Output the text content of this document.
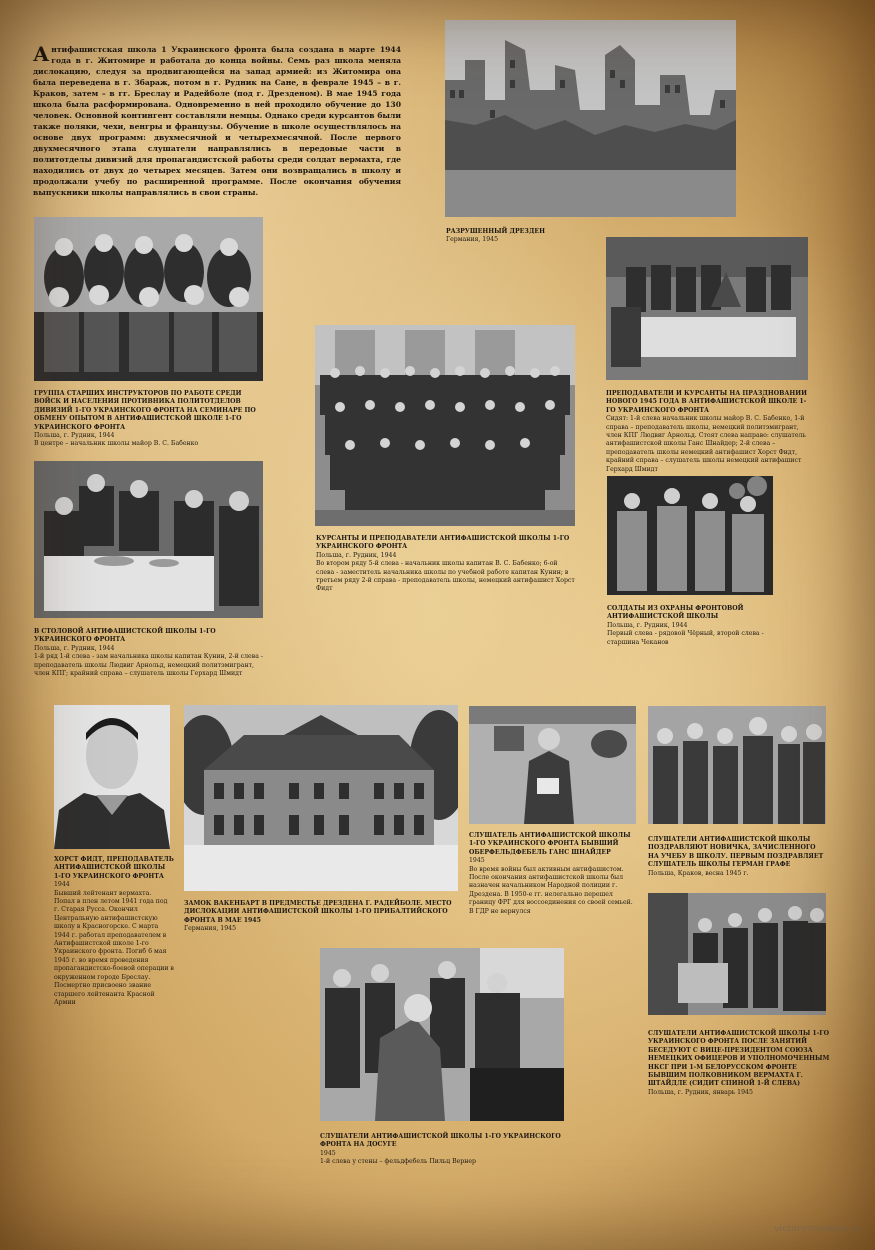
А нтифашистская школа 1 Украинского фронта была создана в марте 1944 года в г. Житомире и работала до конца войны. Семь раз школа меняла дислокацию, следуя за продвигающейся на запад армией: из Житомира она была переведена в г. Збараж, потом в г. Рудник на Сане, в феврале 1945 – в г. Краков, затем – в гг. Бреслау и Радейболе (под г. Дрезденом). В мае 1945 года школа была расформирована. Одновременно в ней проходило обучение до 130 человек. Основной контингент составляли немцы. Однако среди курсантов были также поляки, чехи, венгры и французы. Обучение в школе осуществлялось на основе двух программ: двухмесячной и четырехмесячной. После первого двухмесячного этапа слушатели направлялись в передовые части в политотделы дивизий для пропагандистской работы среди солдат вермахта, где находились от двух до четырех месяцев. Затем они возвращались в школу и продолжали учебу по расширенной программе. После окончания обучения выпускники школы направлялись в свои страны.
РАЗРУШЕННЫЙ ДРЕЗДЕН
Германия, 1945
ГРУППА СТАРШИХ ИНСТРУКТОРОВ ПО РАБОТЕ СРЕДИ ВОЙСК И НАСЕЛЕНИЯ ПРОТИВНИКА ПОЛИТОТДЕЛОВ ДИВИЗИЙ 1-ГО УКРАИНСКОГО ФРОНТА НА СЕМИНАРЕ ПО ОБМЕНУ ОПЫТОМ В АНТИФАШИСТСКОЙ ШКОЛЕ 1-ГО УКРАИНСКОГО ФРОНТА
Польша, г. Рудник, 1944
В центре – начальник школы майор В. С. Бабенко
КУРСАНТЫ И ПРЕПОДАВАТЕЛИ АНТИФАШИСТСКОЙ ШКОЛЫ 1-ГО УКРАИНСКОГО ФРОНТА
Польша, г. Рудник, 1944
Во втором ряду 5-й слева - начальник школы капитан В. С. Бабенко; 6-ой слева - заместитель начальника школы по учебной работе капитан Кунин; в третьем ряду 2-й справа - преподаватель школы, немецкий антифашист Хорст Фидт
ПРЕПОДАВАТЕЛИ И КУРСАНТЫ НА ПРАЗДНОВАНИИ НОВОГО 1945 ГОДА В АНТИФАШИСТСКОЙ ШКОЛЕ 1-ГО УКРАИНСКОГО ФРОНТА
Сидят: 1-й слева начальник школы майор В. С. Бабенко, 1-й справа – преподаватель школы, немецкий политэмигрант, член КПГ Людвиг Арнольд. Стоят слева направо: слушатель антифашистской школы Ганс Шнайдер; 2-й слева – преподаватель школы немецкий антифашист Хорст Фидт, крайний справа – слушатель школы немецкий антифашист Герхард Шмидт
В СТОЛОВОЙ АНТИФАШИСТСКОЙ ШКОЛЫ 1-ГО УКРАИНСКОГО ФРОНТА
Польша, г. Рудник, 1944
1-й ряд 1-й слева - зам начальника школы капитан Кунин, 2-й слева - преподаватель школы Людвиг Арнольд, немецкий политэмигрант, член КПГ; крайний справа – слушатель школы Герхард Шмидт
СОЛДАТЫ ИЗ ОХРАНЫ ФРОНТОВОЙ АНТИФАШИСТСКОЙ ШКОЛЫ
Польша, г. Рудник, 1944
Первый слева - рядовой Чёрный, второй слева - старшина Чеканов
ХОРСТ ФИДТ, ПРЕПОДАВАТЕЛЬ АНТИФАШИСТСКОЙ ШКОЛЫ 1-ГО УКРАИНСКОГО ФРОНТА
1944
Бывший лейтенант вермахта. Попал в плен летом 1941 года под г. Старая Русса. Окончил Центральную антифашистскую школу в Красногорске. С марта 1944 г. работал преподавателем в Антифашистской школе 1-го Украинского фронта. Погиб 6 мая 1945 г. во время проведения пропагандистско-боевой операции в окруженном городе Бреслау. Посмертно присвоено звание старшего лейтенанта Красной Армии
ЗАМОК ВАКЕНБАРТ В ПРЕДМЕСТЬЕ ДРЕЗДЕНА Г. РАДЕЙБОЛЕ. МЕСТО ДИСЛОКАЦИИ АНТИФАШИСТСКОЙ ШКОЛЫ 1-ГО ПРИБАЛТИЙСКОГО ФРОНТА В МАЕ 1945
Германия, 1945
СЛУШАТЕЛЬ АНТИФАШИСТСКОЙ ШКОЛЫ 1-ГО УКРАИНСКОГО ФРОНТА БЫВШИЙ ОБЕРФЕЛЬДФЕБЕЛЬ ГАНС ШНАЙДЕР
1945
Во время войны был активным антифашистом. После окончания антифашистской школы был назначен начальником Народной полиции г. Дрездена. В 1950-е гг. нелегально перешел границу ФРГ для воссоединения со своей семьей. В ГДР не вернулся
СЛУШАТЕЛИ АНТИФАШИСТСКОЙ ШКОЛЫ ПОЗДРАВЛЯЮТ НОВИЧКА, ЗАЧИСЛЕННОГО НА УЧЕБУ В ШКОЛУ. ПЕРВЫМ ПОЗДРАВЛЯЕТ СЛУШАТЕЛЬ ШКОЛЫ ГЕРМАН ГРАФЕ
Польша, Краков, весна 1945 г.
СЛУШАТЕЛИ АНТИФАШИСТСКОЙ ШКОЛЫ 1-ГО УКРАИНСКОГО ФРОНТА ПОСЛЕ ЗАНЯТИЙ БЕСЕДУЮТ С ВИЦЕ-ПРЕЗИДЕНТОМ СОЮЗА НЕМЕЦКИХ ОФИЦЕРОВ И УПОЛНОМОЧЕННЫМ НКСГ ПРИ 1-М БЕЛОРУССКОМ ФРОНТЕ БЫВШИМ ПОЛКОВНИКОМ ВЕРМАХТА Г. ШТАЙДЛЕ (СИДИТ СПИНОЙ 1-Й СЛЕВА)
Польша, г. Рудник, январь 1945
СЛУШАТЕЛИ АНТИФАШИСТСКОЙ ШКОЛЫ 1-ГО УКРАИНСКОГО ФРОНТА НА ДОСУГЕ
1945
1-й слева у стены – фельдфебель Пильц Вернер
victorymuseum.ru
